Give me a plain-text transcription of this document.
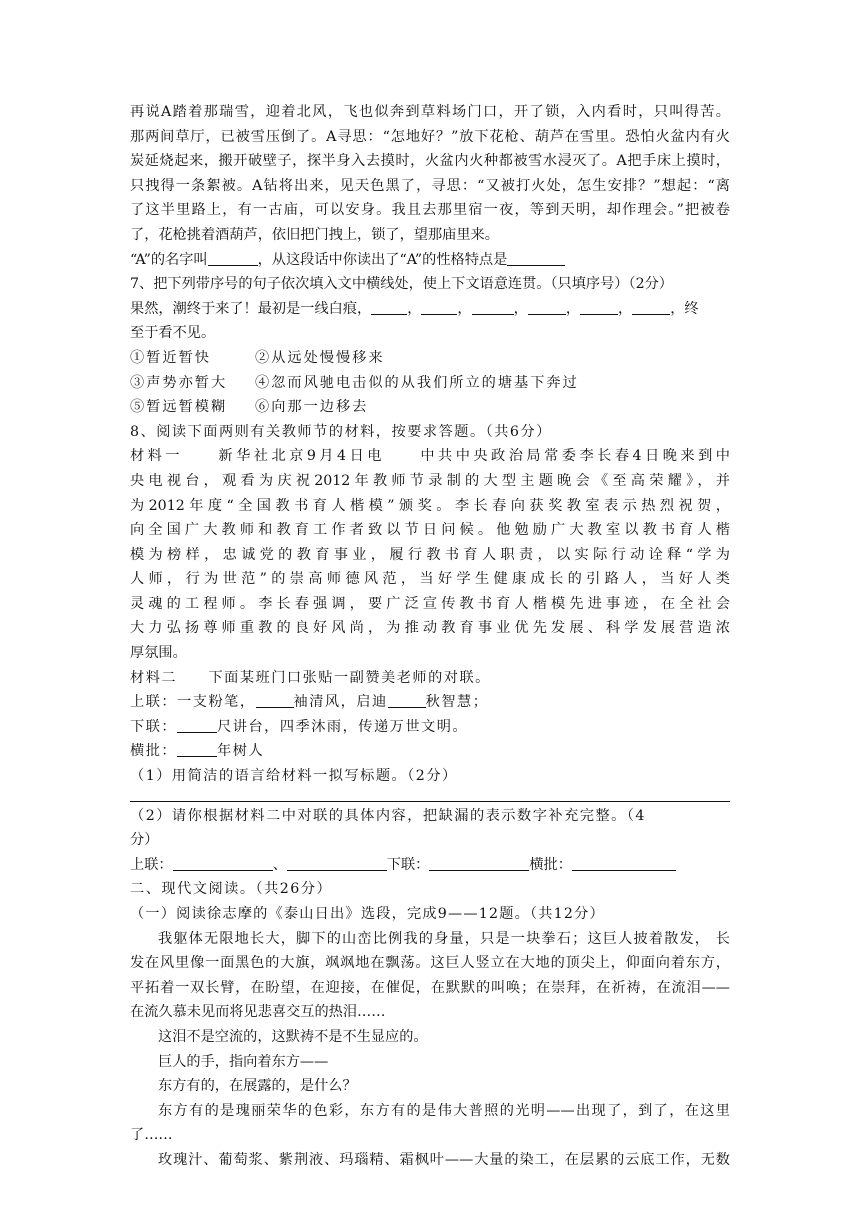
再说A踏着那瑞雪，迎着北风，飞也似奔到草料场门口，开了锁，入内看时，只叫得苦。
那两间草厅，已被雪压倒了。A寻思：“怎地好？”放下花枪、葫芦在雪里。恐怕火盆内有火
炭延烧起来，搬开破壁子，探半身入去摸时，火盆内火种都被雪水浸灭了。A把手床上摸时，
只拽得一条絮被。A钻将出来，见天色黑了，寻思：“又被打火处，怎生安排？”想起：“离
了这半里路上，有一古庙，可以安身。我且去那里宿一夜，等到天明，却作理会。”把被卷
了，花枪挑着酒葫芦，依旧把门拽上，锁了，望那庙里来。
“A”的名字叫	，从这段话中你读出了“A”的性格特点是
7、把下列带序号的句子依次填入文中横线处，使上下文语意连贯。（只填序号）（2分）
果然，潮终于来了！最初是一线白痕，	，	，	，	，	，	，终
至于看不见。
①暂近暂快	②从远处慢慢移来
③声势亦暂大 ④忽而风驰电击似的从我们所立的塘基下奔过
⑤暂远暂模糊 ⑥向那一边移去
8、阅读下面两则有关教师节的材料，按要求答题。（共6分）
材料一　　新华社北京9月4日电　　中共中央政治局常委李长春4日晚来到中
央电视台，观看为庆祝2012年教师节录制的大型主题晚会《至高荣耀》，并
为2012年度“全国教书育人楷模”颁奖。李长春向获奖教室表示热烈祝贺，
向全国广大教师和教育工作者致以节日问候。他勉励广大教室以教书育人楷
模为榜样，忠诚党的教育事业，履行教书育人职责，以实际行动诠释“学为
人师，行为世范”的崇高师德风范，当好学生健康成长的引路人，当好人类
灵魂的工程师。李长春强调，要广泛宣传教书育人楷模先进事迹，在全社会
大力弘扬尊师重教的良好风尚，为推动教育事业优先发展、科学发展营造浓
厚氛围。
材料二　　下面某班门口张贴一副赞美老师的对联。
上联：一支粉笔，	袖清风，启迪	秋智慧；
下联：	尺讲台，四季沐雨，传递万世文明。
横批：	年树人
（1）用简洁的语言给材料一拟写标题。（2分）
（2）请你根据材料二中对联的具体内容，把缺漏的表示数字补充完整。（4
分）
上联：	、	下联：	横批：
二、现代文阅读。（共26分）
（一）阅读徐志摩的《泰山日出》选段，完成9——12题。（共12分）
我躯体无限地长大，脚下的山峦比例我的身量，只是一块拳石；这巨人披着散发， 长
发在风里像一面黑色的大旗，飒飒地在飘荡。这巨人竖立在大地的顶尖上，仰面向着东方，
平拓着一双长臂，在盼望，在迎接，在催促，在默默的叫唤；在崇拜，在祈祷，在流泪——
在流久慕未见而将见悲喜交互的热泪……
这泪不是空流的，这默祷不是不生显应的。
巨人的手，指向着东方——
东方有的，在展露的，是什么？
东方有的是瑰丽荣华的色彩，东方有的是伟大普照的光明——出现了，到了，在这里
了……
玫瑰汁、葡萄浆、紫荆液、玛瑙精、霜枫叶——大量的染工，在层累的云底工作，无数
